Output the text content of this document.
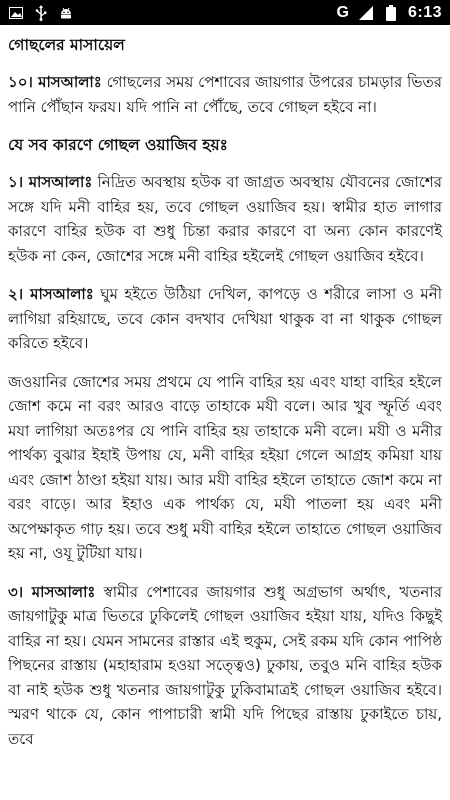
G	6:13
গোছলের মাসায়েল

১০। মাসআলাঃ গোছলের সময় পেশাবের জায়গার উপরের চামড়ার ভিতর পানি পৌঁছান ফরয। যদি পানি না পৌঁছে, তবে গোছল হইবে না।

যে সব কারণে গোছল ওয়াজিব হয়ঃ

১। মাসআলাঃ নিদ্রিত অবস্থায় হউক বা জাগ্রত অবস্থায় যৌবনের জোশের সঙ্গে যদি মনী বাহির হয়, তবে গোছল ওয়াজিব হয়। স্বামীর হাত লাগার কারণে বাহির হউক বা শুধু চিন্তা করার কারণে বা অন্য কোন কারণেই হউক না কেন, জোশের সঙ্গে মনী বাহির হইলেই গোছল ওয়াজিব হইবে।

২। মাসআলাঃ ঘুম হইতে উঠিয়া দেখিল, কাপড়ে ও শরীরে লাসা ও মনী লাগিয়া রহিয়াছে, তবে কোন বদখাব দেখিয়া থাকুক বা না থাকুক গোছল করিতে হইবে।

জওয়ানির জোশের সময় প্রথমে যে পানি বাহির হয় এবং যাহা বাহির হইলে জোশ কমে না বরং আরও বাড়ে তাহাকে মযী বলে। আর খুব স্ফূর্তি এবং মযা লাগিয়া অতঃপর যে পানি বাহির হয় তাহাকে মনী বলে। মযী ও মনীর পার্থক্য বুঝার ইহাই উপায় যে, মনী বাহির হইয়া গেলে আগ্রহ কমিয়া যায় এবং জোশ ঠাণ্ডা হইয়া যায়। আর মযী বাহির হইলে তাহাতে জোশ কমে না বরং বাড়ে। আর ইহাও এক পার্থক্য যে, মযী পাতলা হয় এবং মনী অপেক্ষাকৃত গাঢ় হয়। তবে শুধু মযী বাহির হইলে তাহাতে গোছল ওয়াজিব হয় না, ওযূ টুটিয়া যায়।

৩। মাসআলাঃ স্বামীর পেশাবের জায়গার শুধু অগ্রভাগ অর্থাৎ, খতনার জায়গাটুকু মাত্র ভিতরে ঢুকিলেই গোছল ওয়াজিব হইয়া যায়, যদিও কিছুই বাহির না হয়। যেমন সামনের রাস্তার এই হুকুম, সেই রকম যদি কোন পাপিষ্ঠ পিছনের রাস্তায় (মহাহারাম হওয়া সত্ত্বেও) ঢুকায়, তবুও মনি বাহির হউক বা নাই হউক শুধু খতনার জায়গাটুকু ঢুকিবামাত্রই গোছল ওয়াজিব হইবে। স্মরণ থাকে যে, কোন পাপাচারী স্বামী যদি পিছের রাস্তায় ঢুকাইতে চায়, তবে
